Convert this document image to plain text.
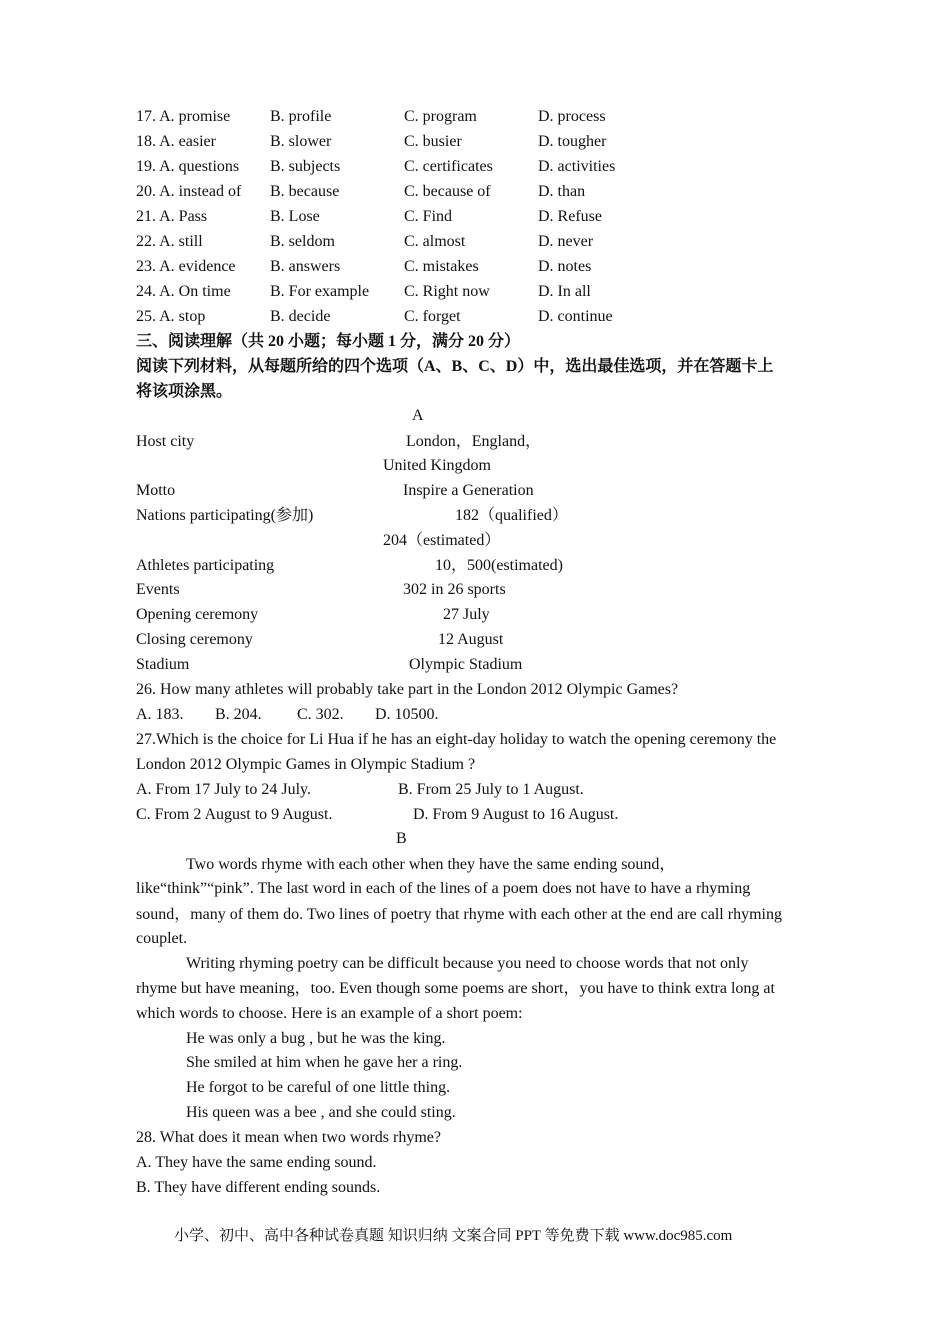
17. A. promise B. profile	C. program	D. process
18. A. easier	B. slower	C. busier	D. tougher
19. A. questions B. subjects	C. certificates	D. activities
20. A. instead of B. because	C. because of	D. than
21. A. Pass	B. Lose	C. Find	D. Refuse
22. A. still	B. seldom	C. almost	D. never
23. A. evidence B. answers	C. mistakes	D. notes
24. A. On time B. For example C. Right now	D. In all
25. A. stop	B. decide	C. forget	D. continue
三、阅读理解（共 20 小题；每小题 1 分，满分 20 分）
阅读下列材料，从每题所给的四个选项（A、B、C、D）中，选出最佳选项，并在答题卡上
将该项涂黑。
A
Host city	London，England，
United Kingdom
Motto	Inspire a Generation
Nations participating(参加)	182（qualified）
204（estimated）
Athletes participating	10，500(estimated)
Events	302 in 26 sports
Opening ceremony	27 July
Closing ceremony	12 August
Stadium	Olympic Stadium
26. How many athletes will probably take part in the London 2012 Olympic Games?
A. 183. B. 204. C. 302. D. 10500.
27.Which is the choice for Li Hua if he has an eight-day holiday to watch the opening ceremony the
London 2012 Olympic Games in Olympic Stadium ?
A. From 17 July to 24 July.	B. From 25 July to 1 August.
C. From 2 August to 9 August.	D. From 9 August to 16 August.
B
Two words rhyme with each other when they have the same ending sound，
like“think”“pink”. The last word in each of the lines of a poem does not have to have a rhyming
sound，many of them do. Two lines of poetry that rhyme with each other at the end are call rhyming
couplet.
Writing rhyming poetry can be difficult because you need to choose words that not only
rhyme but have meaning，too. Even though some poems are short，you have to think extra long at
which words to choose. Here is an example of a short poem:
He was only a bug , but he was the king.
She smiled at him when he gave her a ring.
He forgot to be careful of one little thing.
His queen was a bee , and she could sting.
28. What does it mean when two words rhyme?
A. They have the same ending sound.
B. They have different ending sounds.
小学、初中、高中各种试卷真题 知识归纳 文案合同 PPT 等免费下载 www.doc985.com
